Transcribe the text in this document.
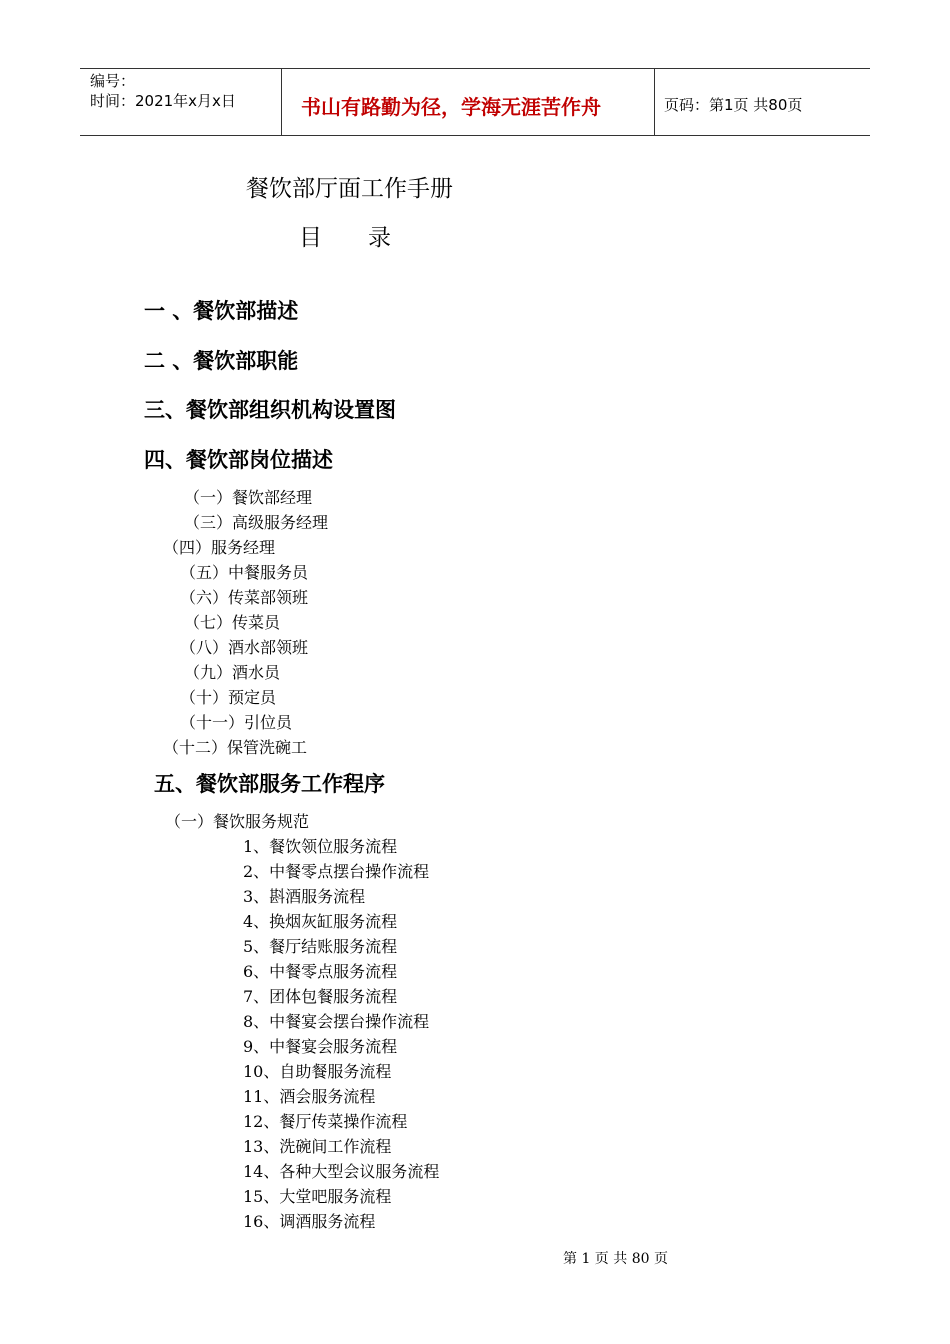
编号：
时间：2021年x月x日	书山有路勤为径，学海无涯苦作舟	页码：第1页 共80页
餐饮部厅面工作手册
目　　录
一 、餐饮部描述
二 、餐饮部职能
三、餐饮部组织机构设置图
四、餐饮部岗位描述
（一）餐饮部经理
（三）高级服务经理
（四）服务经理
（五）中餐服务员
（六）传菜部领班
（七）传菜员
（八）酒水部领班
（九）酒水员
（十）预定员
（十一）引位员
（十二）保管洗碗工
五、餐饮部服务工作程序
（一）餐饮服务规范
1、餐饮领位服务流程
2、中餐零点摆台操作流程
3、斟酒服务流程
4、换烟灰缸服务流程
5、餐厅结账服务流程
6、中餐零点服务流程
7、团体包餐服务流程
8、中餐宴会摆台操作流程
9、中餐宴会服务流程
10、自助餐服务流程
11、酒会服务流程
12、餐厅传菜操作流程
13、洗碗间工作流程
14、各种大型会议服务流程
15、大堂吧服务流程
16、调酒服务流程
第 1 页 共 80 页
